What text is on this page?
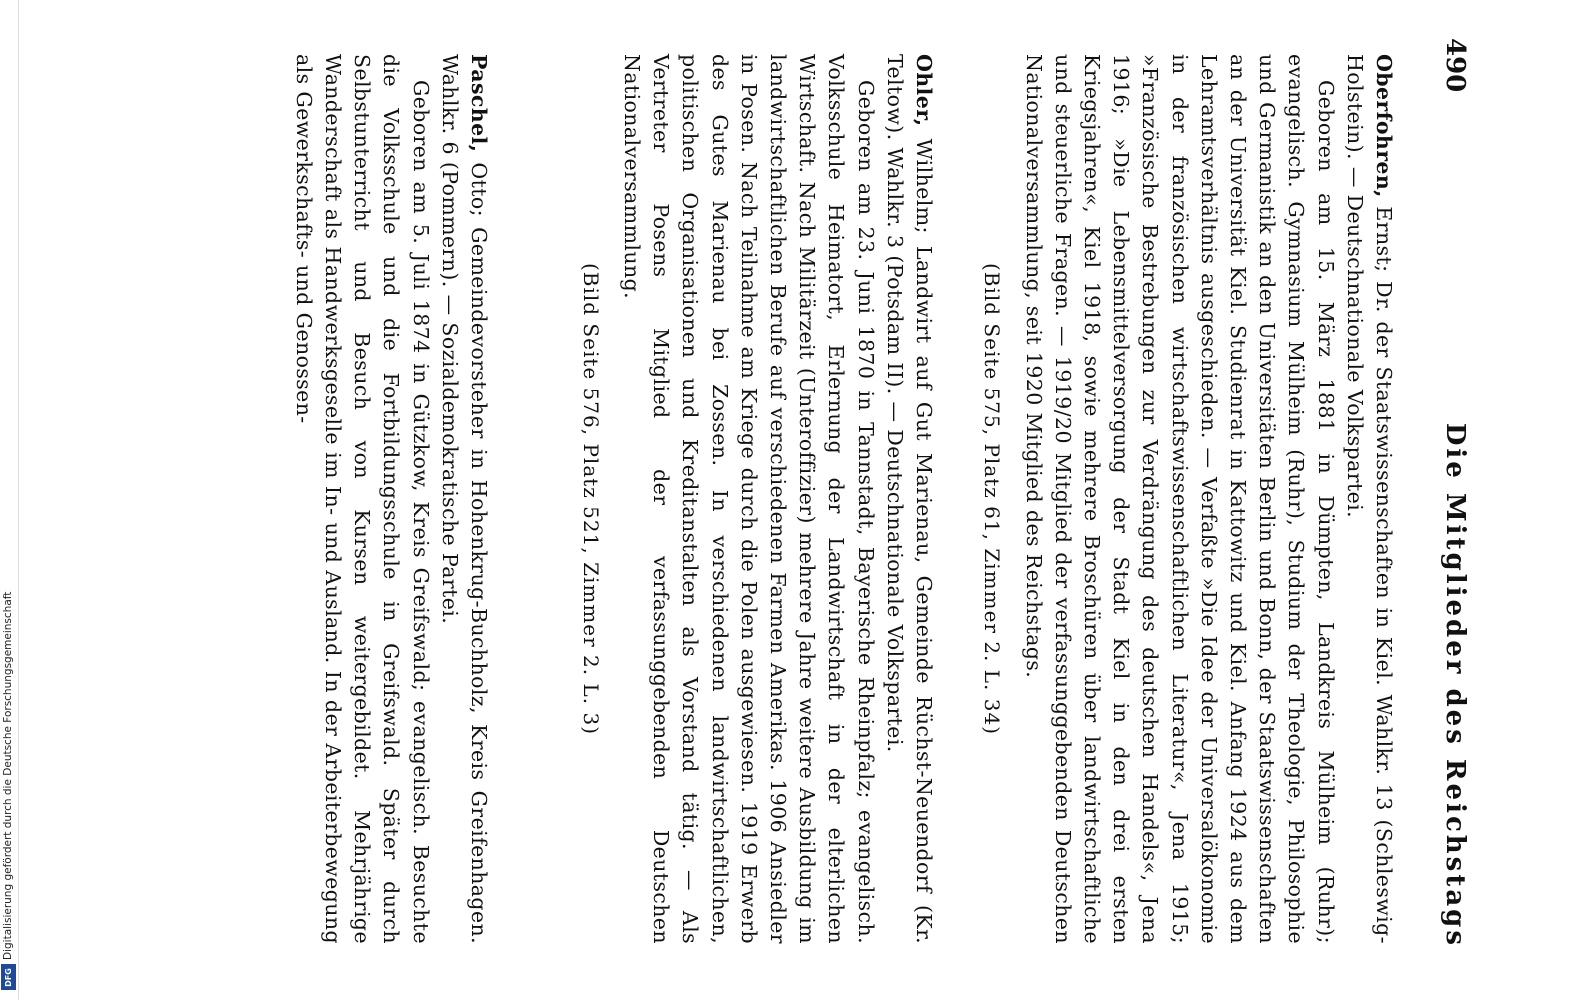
Digitalisierung gefördert durch die Deutsche Forschungsgemeinschaft
DFG
490
Die Mitglieder des Reichstags

Oberfohren, Ernst; Dr. der Staatswissenschaften in Kiel. Wahlkr. 13 (Schleswig-Holstein). — Deutschnationale Volkspartei.

Geboren am 15. März 1881 in Dümpten, Landkreis Mülheim (Ruhr); evangelisch. Gymnasium Mülheim (Ruhr), Studium der Theologie, Philosophie und Germanistik an den Universitäten Berlin und Bonn, der Staatswissenschaften an der Universität Kiel. Studienrat in Kattowitz und Kiel. Anfang 1924 aus dem Lehramtsverhältnis ausgeschieden. — Verfaßte »Die Idee der Universalökonomie in der französischen wirtschaftswissenschaftlichen Literatur«, Jena 1915; »Französische Bestrebungen zur Verdrängung des deutschen Handels«, Jena 1916; »Die Lebensmittelversorgung der Stadt Kiel in den drei ersten Kriegsjahren«, Kiel 1918, sowie mehrere Broschüren über landwirtschaftliche und steuerliche Fragen. — 1919/20 Mitglied der verfassunggebenden Deutschen Nationalversammlung, seit 1920 Mitglied des Reichstags.

(Bild Seite 575, Platz 61, Zimmer 2. L. 34)

Ohler, Wilhelm; Landwirt auf Gut Marienau, Gemeinde Rüchst-Neuendorf (Kr. Teltow). Wahlkr. 3 (Potsdam II). — Deutschnationale Volkspartei.

Geboren am 23. Juni 1870 in Tannstadt, Bayerische Rheinpfalz; evangelisch. Volksschule Heimatort, Erlernung der Landwirtschaft in der elterlichen Wirtschaft. Nach Militärzeit (Unteroffizier) mehrere Jahre weitere Ausbildung im landwirtschaftlichen Berufe auf verschiedenen Farmen Amerikas. 1906 Ansiedler in Posen. Nach Teilnahme am Kriege durch die Polen ausgewiesen. 1919 Erwerb des Gutes Marienau bei Zossen. In verschiedenen landwirtschaftlichen, politischen Organisationen und Kreditanstalten als Vorstand tätig. — Als Vertreter Posens Mitglied der verfassunggebenden Deutschen Nationalversammlung.

(Bild Seite 576, Platz 521, Zimmer 2. L. 3)

Paschel, Otto; Gemeindevorsteher in Hohenkrug-Buchholz, Kreis Greifenhagen. Wahlkr. 6 (Pommern). — Sozialdemokratische Partei.

Geboren am 5. Juli 1874 in Gützkow, Kreis Greifswald; evangelisch. Besuchte die Volksschule und die Fortbildungsschule in Greifswald. Später durch Selbstunterricht und Besuch von Kursen weitergebildet. Mehrjährige Wanderschaft als Handwerksgeselle im In- und Ausland. In der Arbeiterbewegung als Gewerkschafts- und Genossen-
